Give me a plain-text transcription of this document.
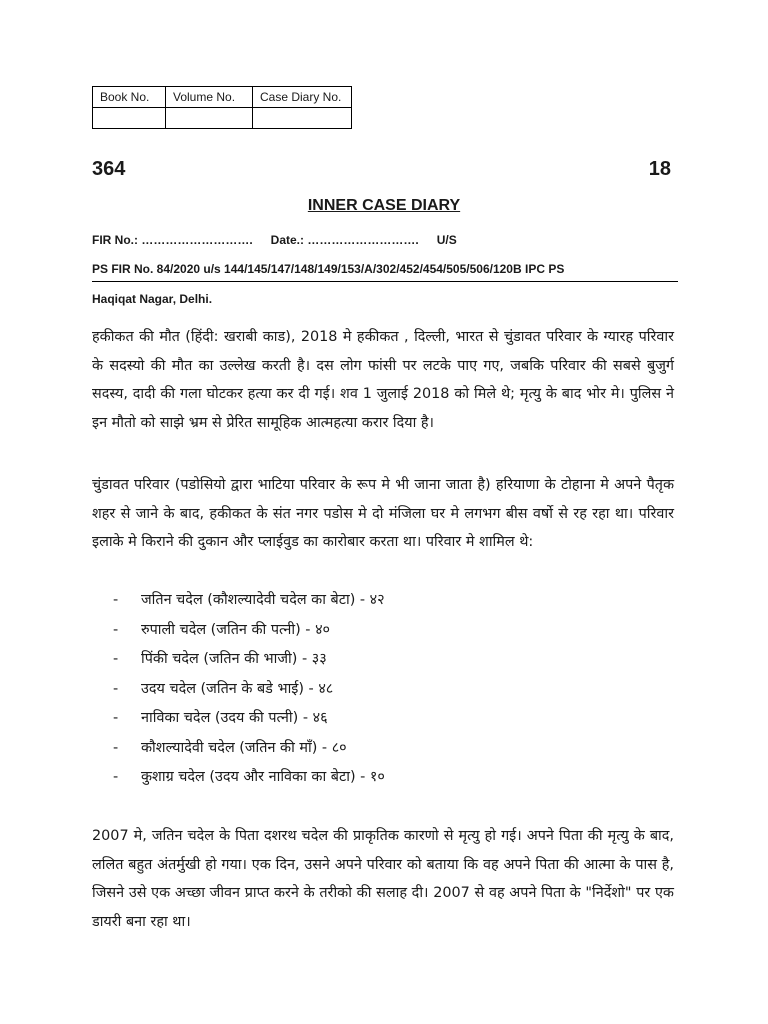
Book No.	Volume No.	Case Diary No.

364	18
INNER CASE DIARY
FIR No.: ………………………. Date.: ………………………. U/S
PS FIR No. 84/2020 u/s 144/145/147/148/149/153/A/302/452/454/505/506/120B IPC PS
Haqiqat Nagar, Delhi.

हकीकत की मौत (हिंदी: खराबी काड), 2018 मे हकीकत , दिल्ली, भारत से चुंडावत परिवार के ग्यारह परिवार के सदस्यो की मौत का उल्लेख करती है। दस लोग फांसी पर लटके पाए गए, जबकि परिवार की सबसे बुजुर्ग सदस्य, दादी की गला घोटकर हत्या कर दी गई। शव 1 जुलाई 2018 को मिले थे; मृत्यु के बाद भोर मे। पुलिस ने इन मौतो को साझे भ्रम से प्रेरित सामूहिक आत्महत्या करार दिया है।

चुंडावत परिवार (पडोसियो द्वारा भाटिया परिवार के रूप मे भी जाना जाता है) हरियाणा के टोहाना मे अपने पैतृक शहर से जाने के बाद, हकीकत के संत नगर पडोस मे दो मंजिला घर मे लगभग बीस वर्षो से रह रहा था। परिवार इलाके मे किराने की दुकान और प्लाईवुड का कारोबार करता था। परिवार मे शामिल थे:

- जतिन चदेल (कौशल्यादेवी चदेल का बेटा) - ४२
- रुपाली चदेल (जतिन की पत्नी) - ४०
- पिंकी चदेल (जतिन की भाजी) - ३३
- उदय चदेल (जतिन के बडे भाई) - ४८
- नाविका चदेल (उदय की पत्नी) - ४६
- कौशल्यादेवी चदेल (जतिन की माँ) - ८०
- कुशाग्र चदेल (उदय और नाविका का बेटा) - १०

2007 मे, जतिन चदेल के पिता दशरथ चदेल की प्राकृतिक कारणो से मृत्यु हो गई। अपने पिता की मृत्यु के बाद, ललित बहुत अंतर्मुखी हो गया। एक दिन, उसने अपने परिवार को बताया कि वह अपने पिता की आत्मा के पास है, जिसने उसे एक अच्छा जीवन प्राप्त करने के तरीको की सलाह दी। 2007 से वह अपने पिता के "निर्देशो" पर एक डायरी बना रहा था।
